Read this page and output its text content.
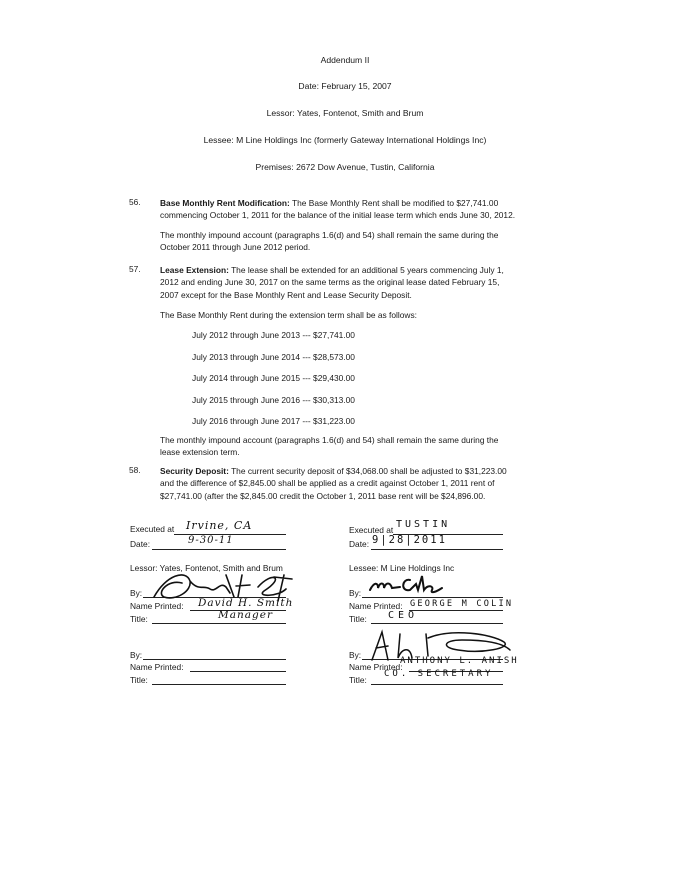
Addendum II
Date: February 15, 2007
Lessor: Yates, Fontenot, Smith and Brum
Lessee: M Line Holdings Inc (formerly Gateway International Holdings Inc)
Premises: 2672 Dow Avenue, Tustin, California
56. Base Monthly Rent Modification: The Base Monthly Rent shall be modified to $27,741.00 commencing October 1, 2011 for the balance of the initial lease term which ends June 30, 2012.
The monthly impound account (paragraphs 1.6(d) and 54) shall remain the same during the October 2011 through June 2012 period.
57. Lease Extension: The lease shall be extended for an additional 5 years commencing July 1, 2012 and ending June 30, 2017 on the same terms as the original lease dated February 15, 2007 except for the Base Monthly Rent and Lease Security Deposit.
The Base Monthly Rent during the extension term shall be as follows:
July 2012 through June 2013 --- $27,741.00
July 2013 through June 2014 --- $28,573.00
July 2014 through June 2015 --- $29,430.00
July 2015 through June 2016 --- $30,313.00
July 2016 through June 2017 --- $31,223.00
The monthly impound account (paragraphs 1.6(d) and 54) shall remain the same during the lease extension term.
58. Security Deposit: The current security deposit of $34,068.00 shall be adjusted to $31,223.00 and the difference of $2,845.00 shall be applied as a credit against October 1, 2011 rent of $27,741.00 (after the $2,845.00 credit the October 1, 2011 base rent will be $24,896.00.
Executed at Irvine, CA
Date:	9-30-11
Lessor: Yates, Fontenot, Smith and Brum
By:
Name Printed: David H. Smith
Title:	Manager
By:
Name Printed:
Title:
Executed at TUSTIN
Date: 9|28|2011
Lessee: M Line Holdings Inc
By:
Name Printed: GEORGE M COLIN
Title: CEO
By:
Name Printed:
ANTHONY L. ANISH
Title:
CO. SECRETARY
